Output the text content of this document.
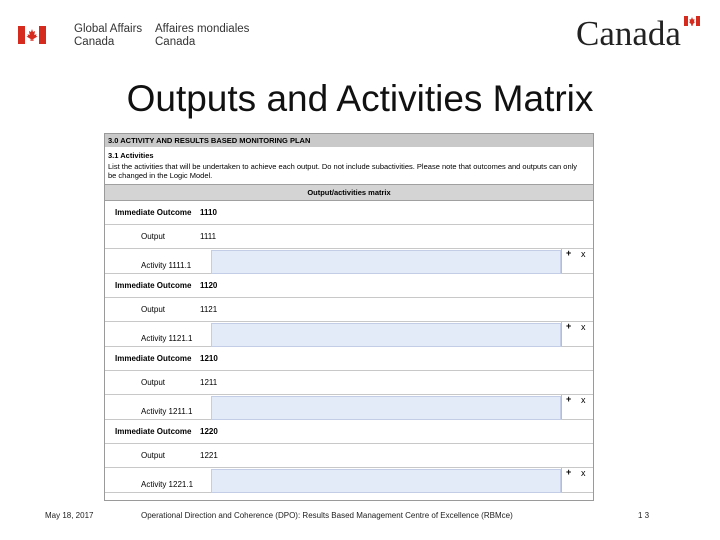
Global Affairs
Canada
Affaires mondiales
Canada	Canada
Outputs and Activities Matrix
3.0 ACTIVITY AND RESULTS BASED MONITORING PLAN
3.1 Activities
List the activities that will be undertaken to achieve each output. Do not include subactivities. Please note that outcomes and outputs can only be changed in the Logic Model.
Output/activities matrix
Immediate Outcome 1110
Output	1111
Activity 1111.1
+ x
Immediate Outcome 1120
Output	1121
Activity 1121.1
+ x
Immediate Outcome 1210
Output	1211
Activity 1211.1
+ x
Immediate Outcome 1220
Output	1221
Activity 1221.1
+ x
May 18, 2017	Operational Direction and Coherence (DPO): Results Based Management Centre of Excellence (RBMce)	1 3
